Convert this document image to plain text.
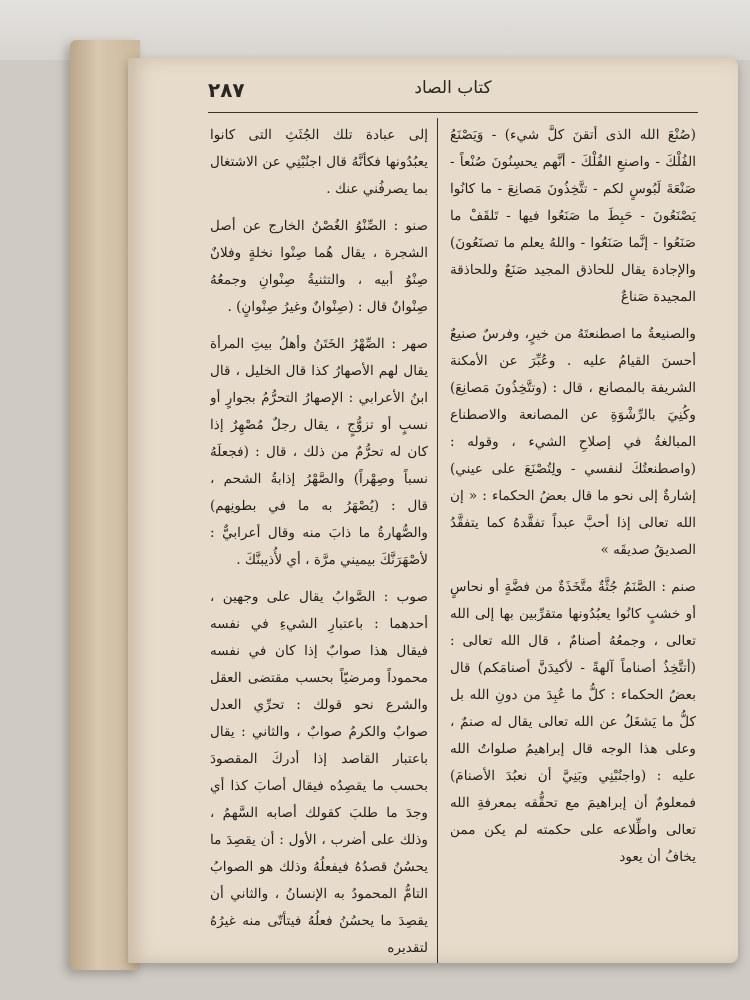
٢٨٧	كتاب الصاد

(صُنْعَ الله الذى أتقنَ كلَّ شيء) - وَيَصْنَعُ الفُلْكَ - واصنعِ الفُلْكَ - أنَّهم يحسِنُونَ صُنْعاً - صَنْعَةَ لَبُوسٍ لكم - تتَّخِذُونَ مَصانِعَ - ما كانُوا يَصْنَعُونَ - حَبِطَ ما صَنَعُوا فيها - تَلقَفْ ما صَنَعُوا - إنَّما صَنَعُوا - واللهُ يعلم ما تصنَعُونَ) والإجادة يقال للحاذق المجيد صَنَعٌ وللحاذقة المجيدة صَناعٌ

والصنيعةُ ما اصطنعتَهُ من خيرٍ، وفرسٌ صنيعٌ أحسنَ القيامُ عليه . وعُبِّرَ عن الأمكنة الشريفة بالمصانع ، قال : (وتتَّخِذُونَ مَصانِعَ) وكُنِيَ بالرِّشْوَةِ عن المصانعة والاصطناع المبالغةُ في إصلاحِ الشيء ، وقوله : (واصطنعتُكَ لنفسي - ولِتُصْنَعَ على عيني) إشارةٌ إلى نحو ما قال بعضُ الحكماء : « إن الله تعالى إذا أحبَّ عبداً تفقَّدهُ كما يتفقَّدُ الصديقُ صديقَه »

صنم : الصَّنَمُ جُثَّةٌ متَّخَذَةٌ من فضَّةٍ أو نحاسٍ أو خشبٍ كانُوا يعبُدُونها متقرِّبين بها إلى الله تعالى ، وجمعُهُ أصنامٌ ، قال الله تعالى : (أتتَّخِذُ أصناماً آلهةً - لأكيدَنَّ أصنامَكم) قال بعضُ الحكماء : كلُّ ما عُبِدَ من دونِ الله بل كلُّ ما يَشغَلُ عن الله تعالى يقال له صنمٌ ، وعلى هذا الوجه قال إبراهيمُ صلواتُ الله عليه : (واجنُبْنِي وبَنِيَّ أن نعبُدَ الأصنامَ) فمعلومٌ أن إبراهيمَ مع تحقُّقه بمعرفةِ الله تعالى واطِّلاعه على حكمته لم يكن ممن يخافُ أن يعود

إلى عبادة تلك الجُثَثِ التى كانوا يعبُدُونها فكأنَّهُ قال اجنُبْنِي عن الاشتغال بما يصرفُني عنك .

صنو : الصِّنْوُ الغُصْنُ الخارج عن أصل الشجرة ، يقال هُما صِنْوا نخلةٍ وفلانٌ صِنْوُ أبيه ، والتثنيةُ صِنْوانِ وجمعُهُ صِنْوانٌ قال : (صِنْوانٌ وغيرُ صِنْوانٍ) .

صهر : الصِّهْرُ الخَتَنُ وأهلُ بيتِ المرأة يقال لهم الأصهارُ كذا قال الخليل ، قال ابنُ الأعرابي : الإصهارُ التحرُّمُ بجوارٍ أو نسبٍ أو تزوُّجٍ ، يقال رجلٌ مُصْهِرٌ إذا كان له تحرُّمٌ من ذلك ، قال : (فجعلَهُ نسباً وصِهْراً) والصَّهْرُ إذابةُ الشحم ، قال : (يُصْهَرُ به ما في بطونِهم) والصُّهارةُ ما ذابَ منه وقال أعرابيٌّ : لأصْهَرَنَّكَ بيميني مرَّة ، أي لأُذيبنَّكَ .

صوب : الصَّوابُ يقال على وجهين ، أحدهما : باعتبارِ الشيءِ في نفسه فيقال هذا صوابٌ إذا كان في نفسه محموداً ومرضيّاً بحسب مقتضى العقل والشرع نحو قولك : تحرِّي العدل صوابٌ والكرمُ صوابٌ ، والثاني : يقال باعتبار القاصد إذا أدركَ المقصودَ بحسب ما يقصِدُه فيقال أصابَ كذا أي وجدَ ما طلبَ كقولك أصابه السَّهمُ ، وذلك على أضرب ، الأول : أن يقصِدَ ما يحسُنُ قصدُهُ فيفعلُهُ وذلك هو الصوابُ التامُّ المحمودُ به الإنسانُ ، والثاني أن يقصِدَ ما يحسُنُ فعلُهُ فيتأتّى منه غيرُهُ لتقديره
